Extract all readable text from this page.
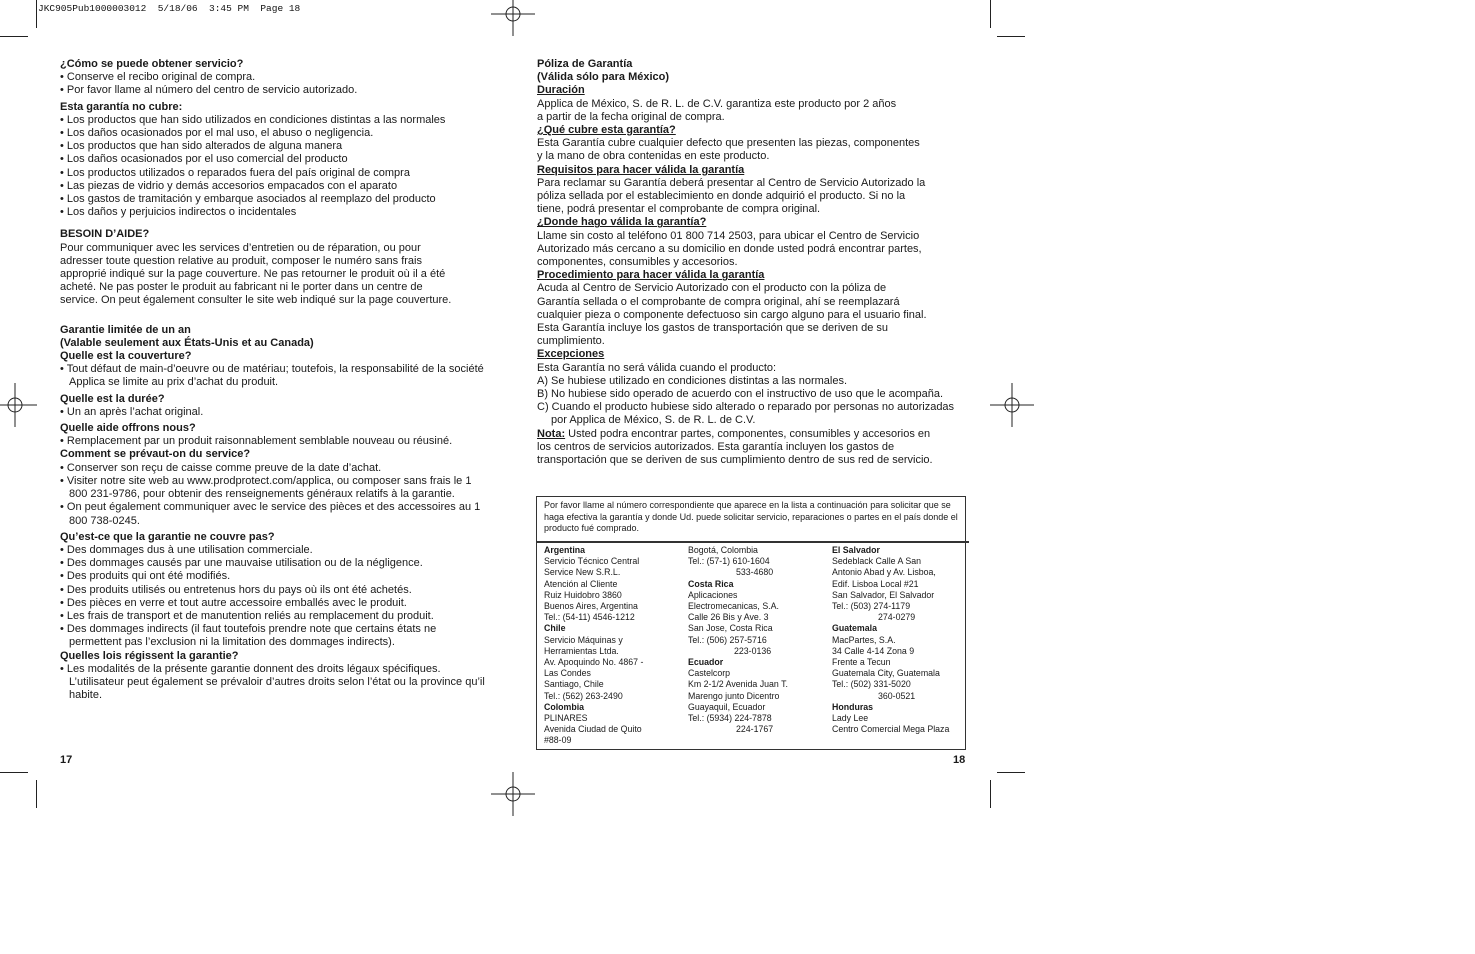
JKC905Pub1000003012  5/18/06  3:45 PM  Page 18

¿Cómo se puede obtener servicio?

• Conserve el recibo original de compra.

• Por favor llame al número del centro de servicio autorizado.

Esta garantía no cubre:

• Los productos que han sido utilizados en condiciones distintas a las normales

• Los daños ocasionados por el mal uso, el abuso o negligencia.

• Los productos que han sido alterados de alguna manera

• Los daños ocasionados por el uso comercial del producto

• Los productos utilizados o reparados fuera del país original de compra

• Las piezas de vidrio y demás accesorios empacados con el aparato

• Los gastos de tramitación y embarque asociados al reemplazo del producto

• Los daños y perjuicios indirectos o incidentales

BESOIN D’AIDE?

Pour communiquer avec les services d’entretien ou de réparation, ou pour

adresser toute question relative au produit, composer le numéro sans frais

approprié indiqué sur la page couverture. Ne pas retourner le produit où il a été

acheté. Ne pas poster le produit au fabricant ni le porter dans un centre de

service. On peut également consulter le site web indiqué sur la page couverture.

Garantie limitée de un an

(Valable seulement aux États-Unis et au Canada)

Quelle est la couverture?

• Tout défaut de main-d’oeuvre ou de matériau; toutefois, la responsabilité de la société Applica se limite au prix d’achat du produit.

Quelle est la durée?

• Un an après l’achat original.

Quelle aide offrons nous?

• Remplacement par un produit raisonnablement semblable nouveau ou réusiné.

Comment se prévaut-on du service?

• Conserver son reçu de caisse comme preuve de la date d’achat.

• Visiter notre site web au www.prodprotect.com/applica, ou composer sans frais le 1 800 231-9786, pour obtenir des renseignements généraux relatifs à la garantie.

• On peut également communiquer avec le service des pièces et des accessoires au 1 800 738-0245.

Qu’est-ce que la garantie ne couvre pas?

• Des dommages dus à une utilisation commerciale.

• Des dommages causés par une mauvaise utilisation ou de la négligence.

• Des produits qui ont été modifiés.

• Des produits utilisés ou entretenus hors du pays où ils ont été achetés.

• Des pièces en verre et tout autre accessoire emballés avec le produit.

• Les frais de transport et de manutention reliés au remplacement du produit.

• Des dommages indirects (il faut toutefois prendre note que certains états ne permettent pas l’exclusion ni la limitation des dommages indirects).

Quelles lois régissent la garantie?

• Les modalités de la présente garantie donnent des droits légaux spécifiques. L’utilisateur peut également se prévaloir d’autres droits selon l’état ou la province qu’il habite.

Póliza de Garantía

(Válida sólo para México)

Duración

Applica de México, S. de R. L. de C.V. garantiza este producto por 2 años

a partir de la fecha original de compra.

¿Qué cubre esta garantía?

Esta Garantía cubre cualquier defecto que presenten las piezas, componentes

y la mano de obra contenidas en este producto.

Requisitos para hacer válida la garantía

Para reclamar su Garantía deberá presentar al Centro de Servicio Autorizado la

póliza sellada por el establecimiento en donde adquirió el producto. Si no la

tiene, podrá presentar el comprobante de compra original.

¿Donde hago válida la garantía?

Llame sin costo al teléfono 01 800 714 2503, para ubicar el Centro de Servicio

Autorizado más cercano a su domicilio en donde usted podrá encontrar partes,

componentes, consumibles y accesorios.

Procedimiento para hacer válida la garantía

Acuda al Centro de Servicio Autorizado con el producto con la póliza de

Garantía sellada o el comprobante de compra original, ahí se reemplazará

cualquier pieza o componente defectuoso sin cargo alguno para el usuario final.

Esta Garantía incluye los gastos de transportación que se deriven de su

cumplimiento.

Excepciones

Esta Garantía no será válida cuando el producto:

A) Se hubiese utilizado en condiciones distintas a las normales.

B) No hubiese sido operado de acuerdo con el instructivo de uso que le acompaña.

C) Cuando el producto hubiese sido alterado o reparado por personas no autorizadas por Applica de México, S. de R. L. de C.V.

Nota: Usted podra encontrar partes, componentes, consumibles y accesorios en

los centros de servicios autorizados. Esta garantía incluyen los gastos de

transportación que se deriven de sus cumplimiento dentro de sus red de servicio.

Por favor llame al número correspondiente que aparece en la lista a continuación para solicitar que se haga efectiva la garantía y donde Ud. puede solicitar servicio, reparaciones o partes en el país donde el producto fué comprado.

Argentina

Servicio Técnico Central

Service New S.R.L.

Atención al Cliente

Ruiz Huidobro 3860

Buenos Aires, Argentina

Tel.: (54-11) 4546-1212

Chile

Servicio Máquinas y

Herramientas Ltda.

Av. Apoquindo No. 4867 -

Las Condes

Santiago, Chile

Tel.: (562) 263-2490

Colombia

PLINARES

Avenida Ciudad de Quito

#88-09

Bogotá, Colombia

Tel.: (57-1) 610-1604

533-4680

Costa Rica

Aplicaciones

Electromecanicas, S.A.

Calle 26 Bis y Ave. 3

San Jose, Costa Rica

Tel.: (506) 257-5716

223-0136

Ecuador

Castelcorp

Km 2-1/2 Avenida Juan T.

Marengo junto Dicentro

Guayaquil, Ecuador

Tel.: (5934) 224-7878

224-1767

El Salvador

Sedeblack Calle A San

Antonio Abad y Av. Lisboa,

Edif. Lisboa Local #21

San Salvador, El Salvador

Tel.: (503) 274-1179

274-0279

Guatemala

MacPartes, S.A.

34 Calle 4-14 Zona 9

Frente a Tecun

Guatemala City, Guatemala

Tel.: (502) 331-5020

360-0521

Honduras

Lady Lee

Centro Comercial Mega Plaza

17	18
